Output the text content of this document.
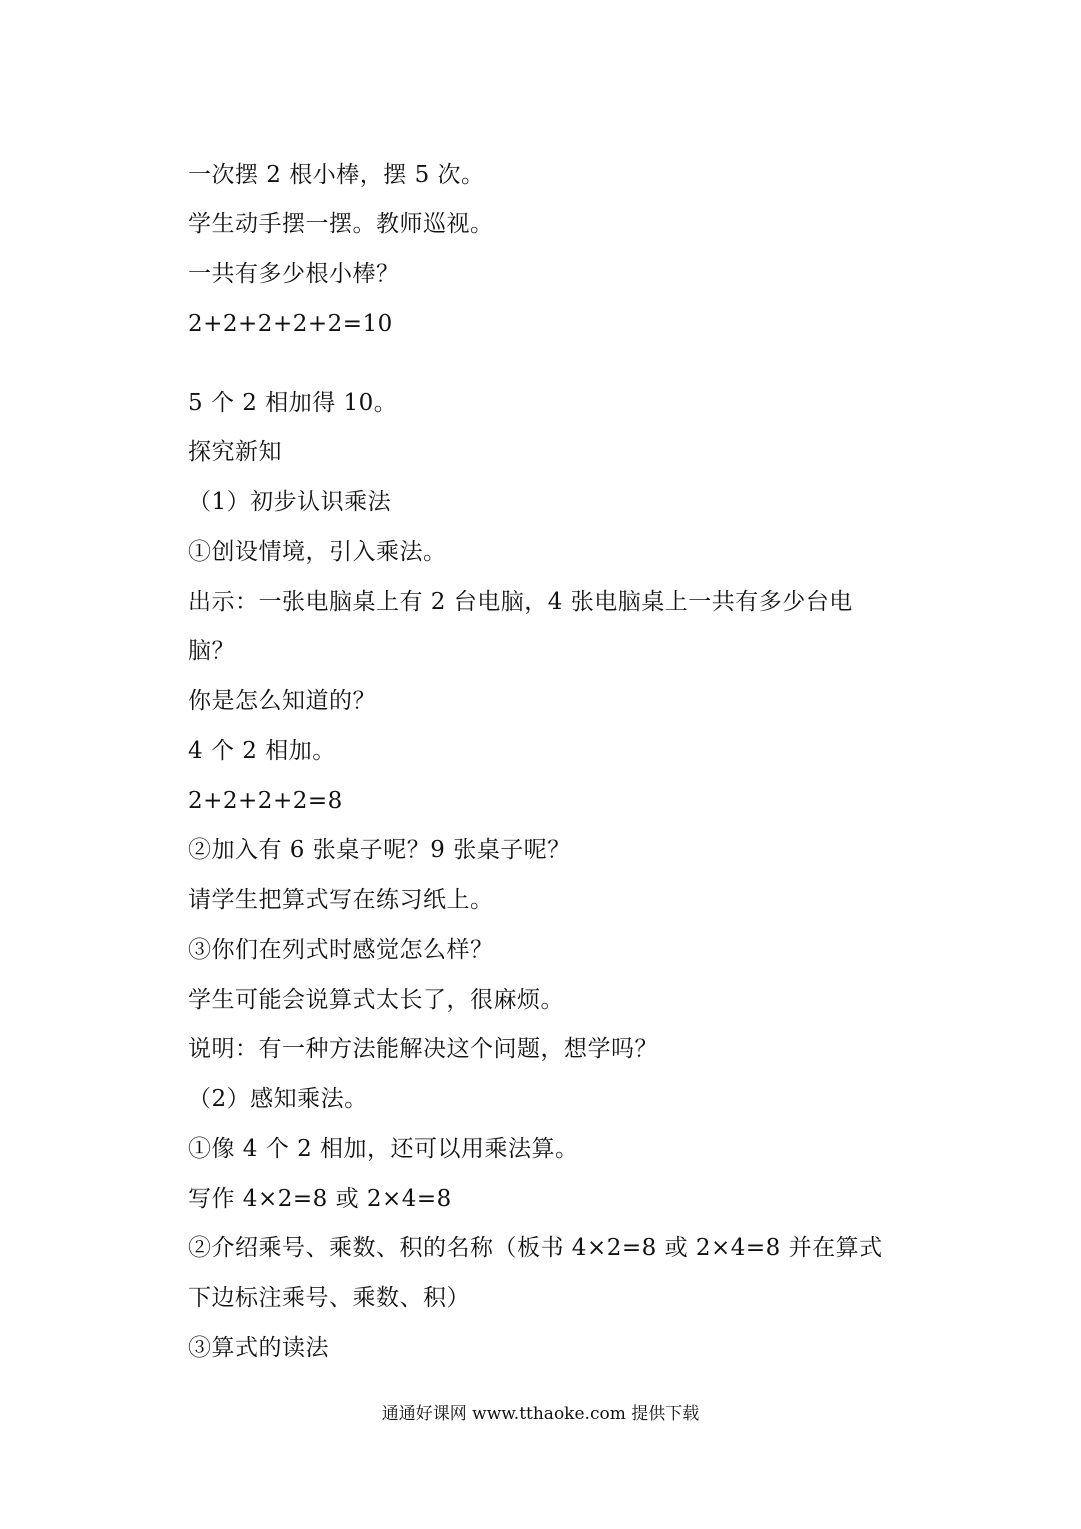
一次摆 2 根小棒，摆 5 次。
学生动手摆一摆。教师巡视。
一共有多少根小棒？
2+2+2+2+2=10
5 个 2 相加得 10。
探究新知
（1）初步认识乘法
①创设情境，引入乘法。
出示：一张电脑桌上有 2 台电脑，4 张电脑桌上一共有多少台电
脑？
你是怎么知道的？
4 个 2 相加。
2+2+2+2=8
②加入有 6 张桌子呢？9 张桌子呢？
请学生把算式写在练习纸上。
③你们在列式时感觉怎么样？
学生可能会说算式太长了，很麻烦。
说明：有一种方法能解决这个问题，想学吗？
（2）感知乘法。
①像 4 个 2 相加，还可以用乘法算。
写作 4×2=8 或 2×4=8
②介绍乘号、乘数、积的名称（板书 4×2=8 或 2×4=8 并在算式
下边标注乘号、乘数、积）
③算式的读法
通通好课网 www.tthaoke.com 提供下载
